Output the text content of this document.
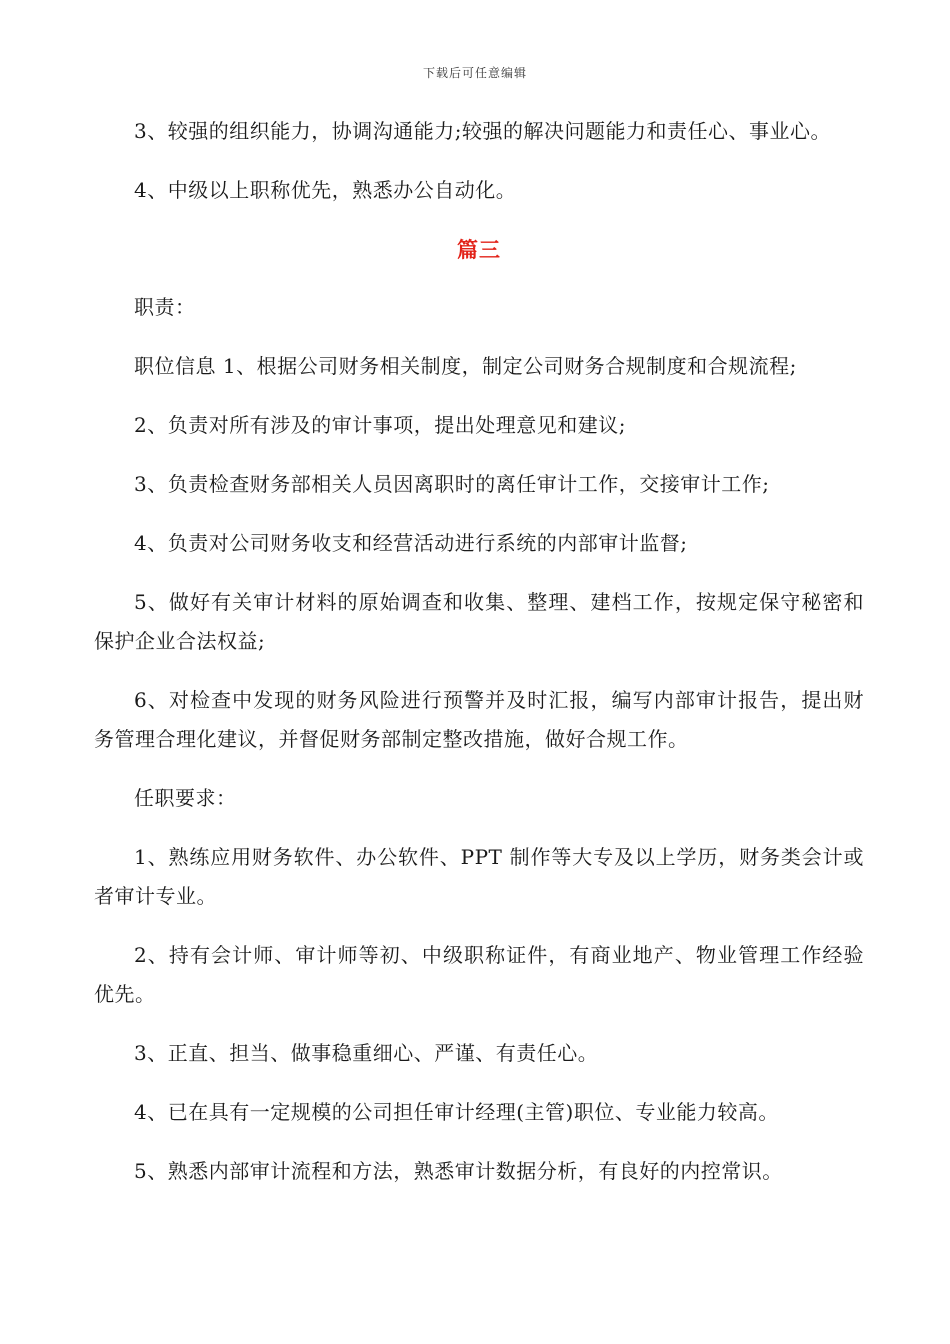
下载后可任意编辑

3、较强的组织能力，协调沟通能力;较强的解决问题能力和责任心、事业心。

4、中级以上职称优先，熟悉办公自动化。

篇三

职责：

职位信息 1、根据公司财务相关制度，制定公司财务合规制度和合规流程;

2、负责对所有涉及的审计事项，提出处理意见和建议;

3、负责检查财务部相关人员因离职时的离任审计工作，交接审计工作;

4、负责对公司财务收支和经营活动进行系统的内部审计监督;

5、做好有关审计材料的原始调查和收集、整理、建档工作，按规定保守秘密和保护企业合法权益;

6、对检查中发现的财务风险进行预警并及时汇报，编写内部审计报告，提出财务管理合理化建议，并督促财务部制定整改措施，做好合规工作。

任职要求：

1、熟练应用财务软件、办公软件、PPT 制作等大专及以上学历，财务类会计或者审计专业。

2、持有会计师、审计师等初、中级职称证件，有商业地产、物业管理工作经验优先。

3、正直、担当、做事稳重细心、严谨、有责任心。

4、已在具有一定规模的公司担任审计经理(主管)职位、专业能力较高。

5、熟悉内部审计流程和方法，熟悉审计数据分析，有良好的内控常识。
